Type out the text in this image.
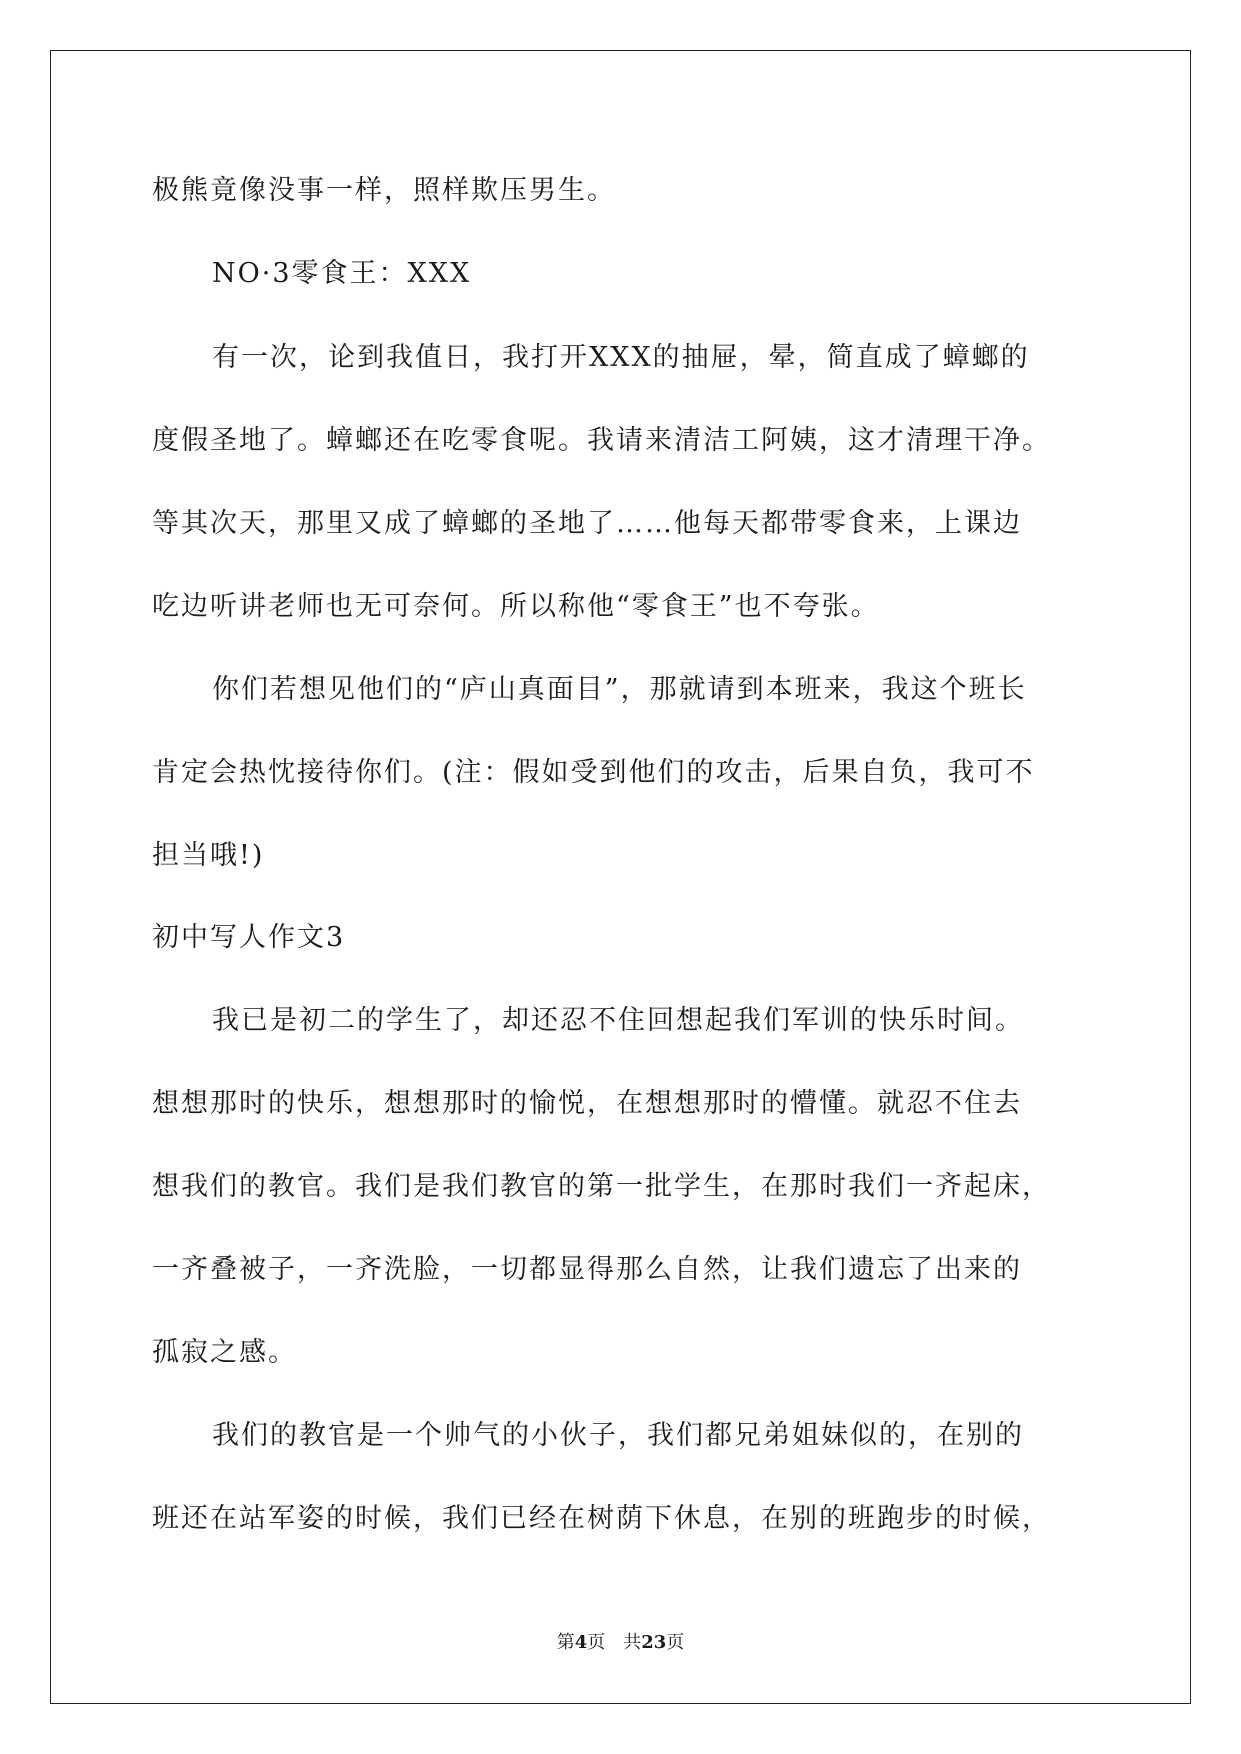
极熊竟像没事一样，照样欺压男生。
NO·3零食王：XXX
有一次，论到我值日，我打开XXX的抽屉，晕，简直成了蟑螂的
度假圣地了。蟑螂还在吃零食呢。我请来清洁工阿姨，这才清理干净。
等其次天，那里又成了蟑螂的圣地了……他每天都带零食来，上课边
吃边听讲老师也无可奈何。所以称他“零食王”也不夸张。
你们若想见他们的“庐山真面目”，那就请到本班来，我这个班长
肯定会热忱接待你们。(注：假如受到他们的攻击，后果自负，我可不
担当哦!)
初中写人作文3
我已是初二的学生了，却还忍不住回想起我们军训的快乐时间。
想想那时的快乐，想想那时的愉悦，在想想那时的懵懂。就忍不住去
想我们的教官。我们是我们教官的第一批学生，在那时我们一齐起床，
一齐叠被子，一齐洗脸，一切都显得那么自然，让我们遗忘了出来的
孤寂之感。
我们的教官是一个帅气的小伙子，我们都兄弟姐妹似的，在别的
班还在站军姿的时候，我们已经在树荫下休息，在别的班跑步的时候，
第4页　共23页
